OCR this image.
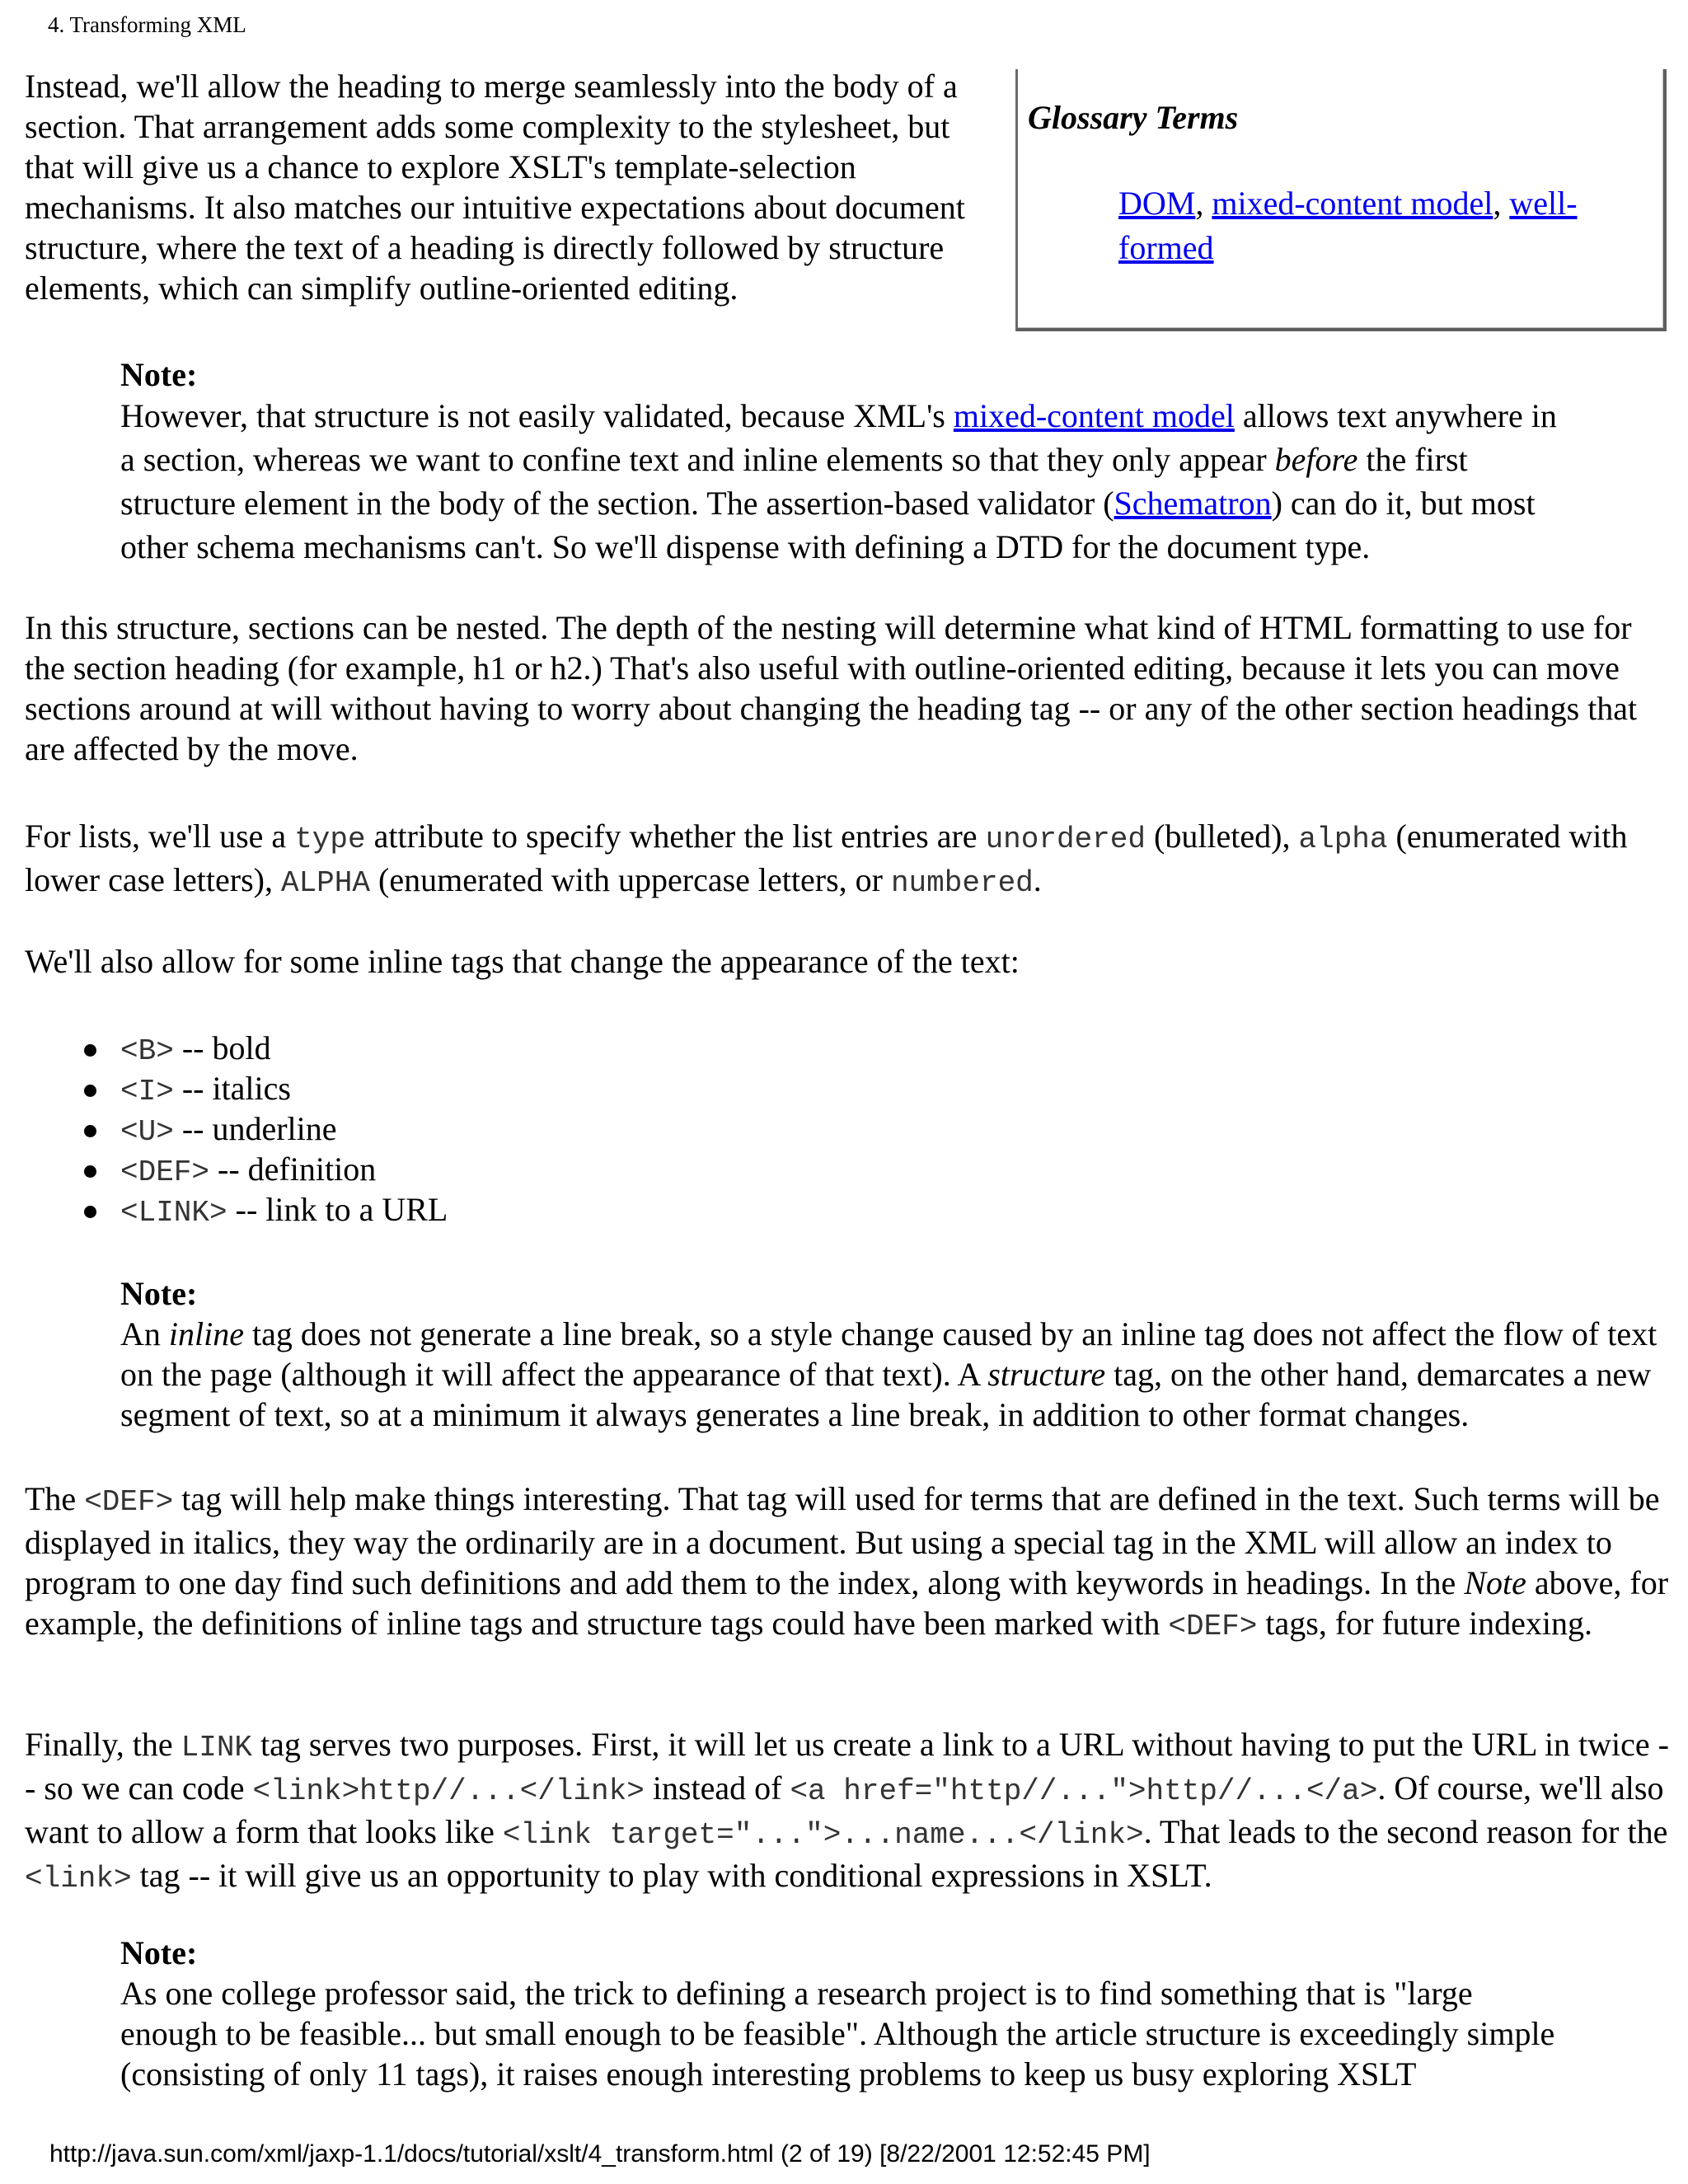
4. Transforming XML
Instead, we'll allow the heading to merge seamlessly into the body of a section. That arrangement adds some complexity to the stylesheet, but that will give us a chance to explore XSLT's template-selection mechanisms. It also matches our intuitive expectations about document structure, where the text of a heading is directly followed by structure elements, which can simplify outline-oriented editing.
Glossary Terms
DOM, mixed-content model, well-formed
Note:
However, that structure is not easily validated, because XML's mixed-content model allows text anywhere in a section, whereas we want to confine text and inline elements so that they only appear before the first structure element in the body of the section. The assertion-based validator (Schematron) can do it, but most other schema mechanisms can't. So we'll dispense with defining a DTD for the document type.
In this structure, sections can be nested. The depth of the nesting will determine what kind of HTML formatting to use for the section heading (for example, h1 or h2.) That's also useful with outline-oriented editing, because it lets you can move sections around at will without having to worry about changing the heading tag -- or any of the other section headings that are affected by the move.
For lists, we'll use a type attribute to specify whether the list entries are unordered (bulleted), alpha (enumerated with lower case letters), ALPHA (enumerated with uppercase letters, or numbered.
We'll also allow for some inline tags that change the appearance of the text:
<B> -- bold
<I> -- italics
<U> -- underline
<DEF> -- definition
<LINK> -- link to a URL
Note:
An inline tag does not generate a line break, so a style change caused by an inline tag does not affect the flow of text on the page (although it will affect the appearance of that text). A structure tag, on the other hand, demarcates a new segment of text, so at a minimum it always generates a line break, in addition to other format changes.
The <DEF> tag will help make things interesting. That tag will used for terms that are defined in the text. Such terms will be displayed in italics, they way the ordinarily are in a document. But using a special tag in the XML will allow an index to program to one day find such definitions and add them to the index, along with keywords in headings. In the Note above, for example, the definitions of inline tags and structure tags could have been marked with <DEF> tags, for future indexing.
Finally, the LINK tag serves two purposes. First, it will let us create a link to a URL without having to put the URL in twice -- so we can code <link>http//...</link> instead of <a href="http//...">http//...</a>. Of course, we'll also want to allow a form that looks like <link target="...">...name...</link>. That leads to the second reason for the <link> tag -- it will give us an opportunity to play with conditional expressions in XSLT.
Note:
As one college professor said, the trick to defining a research project is to find something that is "large enough to be feasible... but small enough to be feasible". Although the article structure is exceedingly simple (consisting of only 11 tags), it raises enough interesting problems to keep us busy exploring XSLT
http://java.sun.com/xml/jaxp-1.1/docs/tutorial/xslt/4_transform.html (2 of 19) [8/22/2001 12:52:45 PM]
